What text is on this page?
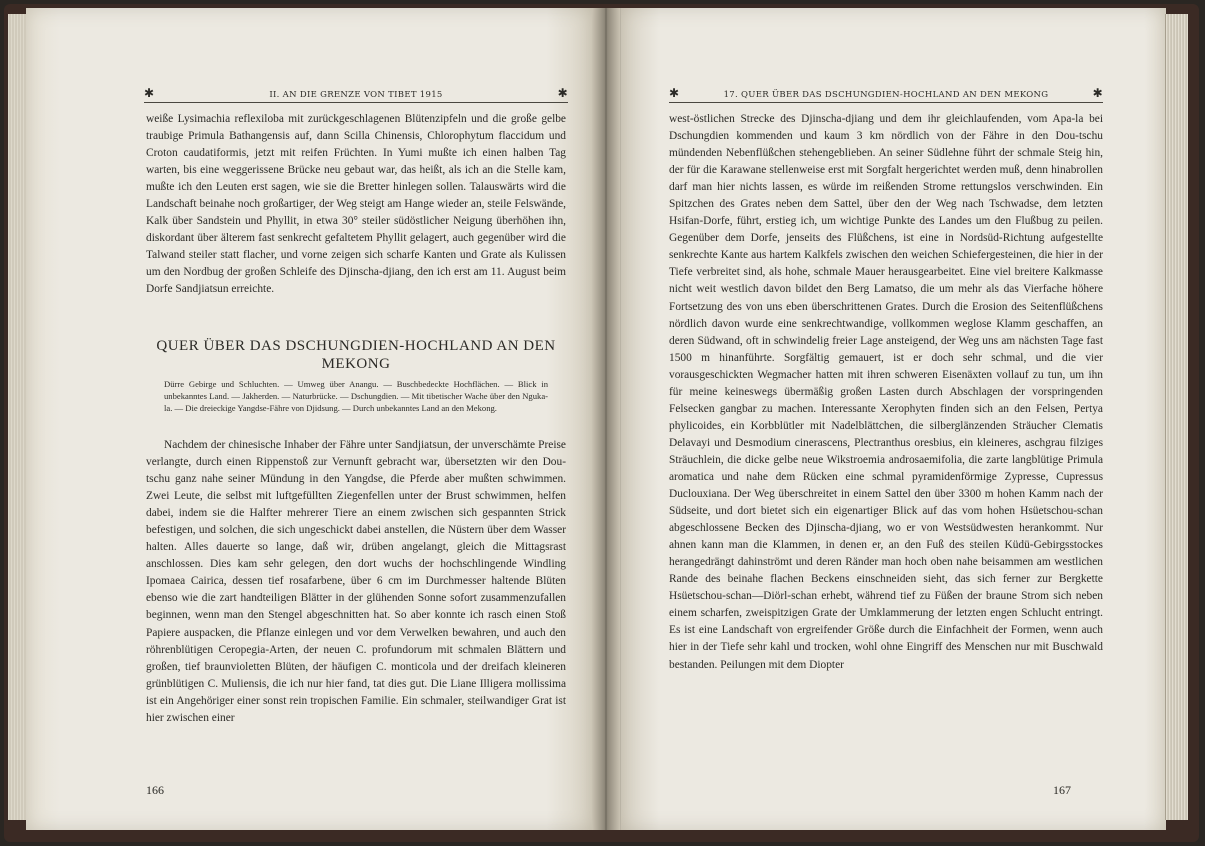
✱	II. AN DIE GRENZE VON TIBET 1915	✱

weiße Lysimachia reflexiloba mit zurückgeschlagenen Blütenzipfeln und die große gelbe traubige Primula Bathangensis auf, dann Scilla Chinensis, Chlorophytum flaccidum und Croton caudatiformis, jetzt mit reifen Früchten. In Yumi mußte ich einen halben Tag warten, bis eine weggerissene Brücke neu gebaut war, das heißt, als ich an die Stelle kam, mußte ich den Leuten erst sagen, wie sie die Bretter hinlegen sollen. Talauswärts wird die Landschaft beinahe noch großartiger, der Weg steigt am Hange wieder an, steile Felswände, Kalk über Sandstein und Phyllit, in etwa 30° steiler südöstlicher Neigung überhöhen ihn, diskordant über älterem fast senkrecht gefaltetem Phyllit gelagert, auch gegenüber wird die Talwand steiler statt flacher, und vorne zeigen sich scharfe Kanten und Grate als Kulissen um den Nordbug der großen Schleife des Djinscha-djiang, den ich erst am 11. August beim Dorfe Sandjiatsun erreichte.

QUER ÜBER DAS DSCHUNGDIEN-HOCHLAND AN DEN MEKONG
Dürre Gebirge und Schluchten. — Umweg über Anangu. — Buschbedeckte Hochflächen. — Blick in unbekanntes Land. — Jakherden. — Naturbrücke. — Dschungdien. — Mit tibetischer Wache über den Nguka-la. — Die dreieckige Yangdse-Fähre von Djidsung. — Durch unbekanntes Land an den Mekong.

Nachdem der chinesische Inhaber der Fähre unter Sandjiatsun, der unverschämte Preise verlangte, durch einen Rippenstoß zur Vernunft gebracht war, übersetzten wir den Dou-tschu ganz nahe seiner Mündung in den Yangdse, die Pferde aber mußten schwimmen. Zwei Leute, die selbst mit luftgefüllten Ziegenfellen unter der Brust schwimmen, helfen dabei, indem sie die Halfter mehrerer Tiere an einem zwischen sich gespannten Strick befestigen, und solchen, die sich ungeschickt dabei anstellen, die Nüstern über dem Wasser halten. Alles dauerte so lange, daß wir, drüben angelangt, gleich die Mittagsrast anschlossen. Dies kam sehr gelegen, den dort wuchs der hochschlingende Windling Ipomaea Cairica, dessen tief rosafarbene, über 6 cm im Durchmesser haltende Blüten ebenso wie die zart handteiligen Blätter in der glühenden Sonne sofort zusammenzufallen beginnen, wenn man den Stengel abgeschnitten hat. So aber konnte ich rasch einen Stoß Papiere auspacken, die Pflanze einlegen und vor dem Verwelken bewahren, und auch den röhrenblütigen Ceropegia-Arten, der neuen C. profundorum mit schmalen Blättern und großen, tief braunvioletten Blüten, der häufigen C. monticola und der dreifach kleineren grünblütigen C. Muliensis, die ich nur hier fand, tat dies gut. Die Liane Illigera mollissima ist ein Angehöriger einer sonst rein tropischen Familie. Ein schmaler, steilwandiger Grat ist hier zwischen einer

166
✱	17. QUER ÜBER DAS DSCHUNGDIEN-HOCHLAND AN DEN MEKONG	✱

west-östlichen Strecke des Djinscha-djiang und dem ihr gleichlaufenden, vom Apa-la bei Dschungdien kommenden und kaum 3 km nördlich von der Fähre in den Dou-tschu mündenden Nebenflüßchen stehengeblieben. An seiner Südlehne führt der schmale Steig hin, der für die Karawane stellenweise erst mit Sorgfalt hergerichtet werden muß, denn hinabrollen darf man hier nichts lassen, es würde im reißenden Strome rettungslos verschwinden. Ein Spitzchen des Grates neben dem Sattel, über den der Weg nach Tschwadse, dem letzten Hsifan-Dorfe, führt, erstieg ich, um wichtige Punkte des Landes um den Flußbug zu peilen. Gegenüber dem Dorfe, jenseits des Flüßchens, ist eine in Nordsüd-Richtung aufgestellte senkrechte Kante aus hartem Kalkfels zwischen den weichen Schiefergesteinen, die hier in der Tiefe verbreitet sind, als hohe, schmale Mauer herausgearbeitet. Eine viel breitere Kalkmasse nicht weit westlich davon bildet den Berg Lamatso, die um mehr als das Vierfache höhere Fortsetzung des von uns eben überschrittenen Grates. Durch die Erosion des Seitenflüßchens nördlich davon wurde eine senkrechtwandige, vollkommen weglose Klamm geschaffen, an deren Südwand, oft in schwindelig freier Lage ansteigend, der Weg uns am nächsten Tage fast 1500 m hinanführte. Sorgfältig gemauert, ist er doch sehr schmal, und die vier vorausgeschickten Wegmacher hatten mit ihren schweren Eisenäxten vollauf zu tun, um ihn für meine keineswegs übermäßig großen Lasten durch Abschlagen der vorspringenden Felsecken gangbar zu machen. Interessante Xerophyten finden sich an den Felsen, Pertya phylicoides, ein Korbblütler mit Nadelblättchen, die silberglänzenden Sträucher Clematis Delavayi und Desmodium cinerascens, Plectranthus oresbius, ein kleineres, aschgrau filziges Sträuchlein, die dicke gelbe neue Wikstroemia androsaemifolia, die zarte langblütige Primula aromatica und nahe dem Rücken eine schmal pyramidenförmige Zypresse, Cupressus Duclouxiana. Der Weg überschreitet in einem Sattel den über 3300 m hohen Kamm nach der Südseite, und dort bietet sich ein eigenartiger Blick auf das vom hohen Hsüetschou-schan abgeschlossene Becken des Djinscha-djiang, wo er von Westsüdwesten herankommt. Nur ahnen kann man die Klammen, in denen er, an den Fuß des steilen Küdü-Gebirgsstockes herangedrängt dahinströmt und deren Ränder man hoch oben nahe beisammen am westlichen Rande des beinahe flachen Beckens einschneiden sieht, das sich ferner zur Bergkette Hsüetschou-schan—Diörl-schan erhebt, während tief zu Füßen der braune Strom sich neben einem scharfen, zweispitzigen Grate der Umklammerung der letzten engen Schlucht entringt. Es ist eine Landschaft von ergreifender Größe durch die Einfachheit der Formen, wenn auch hier in der Tiefe sehr kahl und trocken, wohl ohne Eingriff des Menschen nur mit Buschwald bestanden. Peilungen mit dem Diopter

167
